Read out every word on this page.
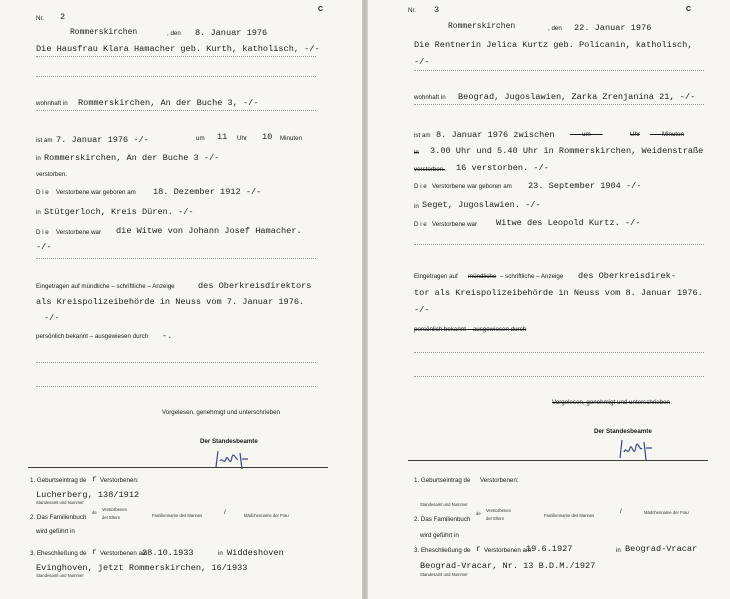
C
Nr. 2
Rommerskirchen	, den 8. Januar 1976
Die Hausfrau Klara Hamacher geb. Kurth, katholisch, -/-
wohnhaft in Rommerskirchen, An der Buche 3, -/-
ist am 7. Januar 1976 -/-	um 11 Uhr 10 Minuten
in Rommerskirchen, An der Buche 3 -/-
verstorben.
D i e Verstorbene war geboren am 18. Dezember 1912 -/-
in Stütgerloch, Kreis Düren. -/-
D i e Verstorbene war die Witwe von Johann Josef Hamacher.
-/-
Eingetragen auf mündliche – schriftliche – Anzeige	des Oberkreisdirektors
als Kreispolizeibehörde in Neuss vom 7. Januar 1976.
-/-
persönlich bekannt – ausgewiesen durch -.
Vorgelesen, genehmigt und unterschrieben
Der Standesbeamte
1. Geburtseintrag de r Verstorbenen:
Lucherberg, 138/1912
Standesamt und Nummer
2. Das Familienbuch
de
Verstorbenen
der Eltern	Familienname des Mannes	/	Mädchenname der Frau
wird geführt in
3. Eheschließung de r Verstorbenen am
28.10.1933	in Widdeshoven
Evinghoven, jetzt Rommerskirchen, 16/1933
Standesamt und Nummer
C
Nr. 3
Rommerskirchen	, den 22. Januar 1976
Die Rentnerin Jelica Kurtz geb. Policanin, katholisch,
-/-
wohnhaft in Beograd, Jugoslawien, Zarka Zrenjanina 21, -/-
ist am 8. Januar 1976 zwischen ----- um -----	Uhr ----- Minuten
in 3.00 Uhr und 5.40 Uhr in Rommerskirchen, Weidenstraße
verstorben. 16 verstorben. -/-
D i e Verstorbene war geboren am 23. September 1904 -/-
in Seget, Jugoslawien. -/-
D i e Verstorbene war Witwe des Leopold Kurtz. -/-
Eingetragen auf mündliche – schriftliche – Anzeige des Oberkreisdirek-
tor als Kreispolizeibehörde in Neuss vom 8. Januar 1976.
-/-
persönlich bekannt – ausgewiesen durch
Vorgelesen, genehmigt und unterschrieben
Der Standesbeamte
1. Geburtseintrag de Verstorbenen:
Standesamt und Nummer
2. Das Familienbuch
de
Verstorbenen
der Eltern
Familienname des Mannes
/	Mädchenname der Frau
wird geführt in
3. Eheschließung de r Verstorbenen am
19.6.1927	in Beograd-Vracar
Beograd-Vracar, Nr. 13 B.D.M./1927
Standesamt und Nummer
